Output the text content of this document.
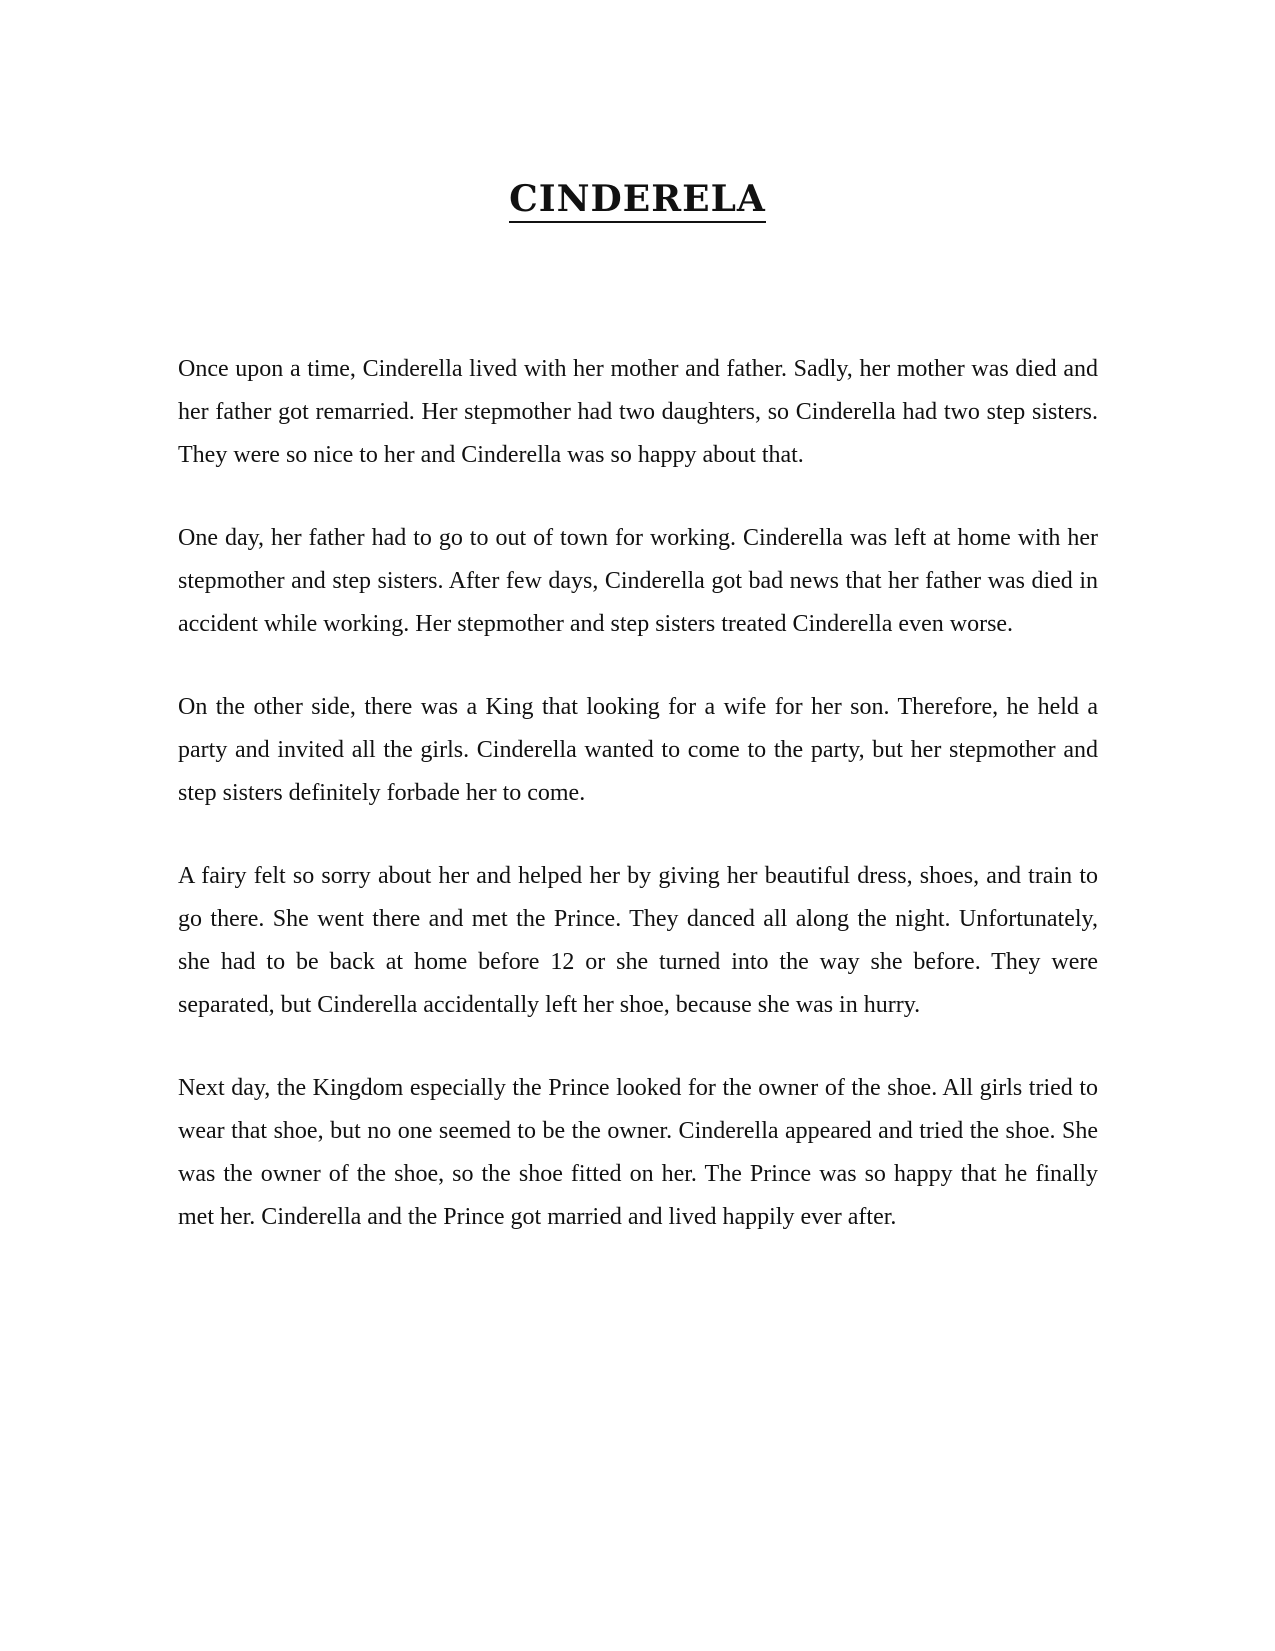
CINDERELA

Once upon a time, Cinderella lived with her mother and father. Sadly, her mother was died and her father got remarried. Her stepmother had two daughters, so Cinderella had two step sisters. They were so nice to her and Cinderella was so happy about that.

One day, her father had to go to out of town for working. Cinderella was left at home with her stepmother and step sisters. After few days, Cinderella got bad news that her father was died in accident while working. Her stepmother and step sisters treated Cinderella even worse.

On the other side, there was a King that looking for a wife for her son. Therefore, he held a party and invited all the girls. Cinderella wanted to come to the party, but her stepmother and step sisters definitely forbade her to come.

A fairy felt so sorry about her and helped her by giving her beautiful dress, shoes, and train to go there. She went there and met the Prince. They danced all along the night. Unfortunately, she had to be back at home before 12 or she turned into the way she before. They were separated, but Cinderella accidentally left her shoe, because she was in hurry.

Next day, the Kingdom especially the Prince looked for the owner of the shoe. All girls tried to wear that shoe, but no one seemed to be the owner. Cinderella appeared and tried the shoe. She was the owner of the shoe, so the shoe fitted on her. The Prince was so happy that he finally met her. Cinderella and the Prince got married and lived happily ever after.
